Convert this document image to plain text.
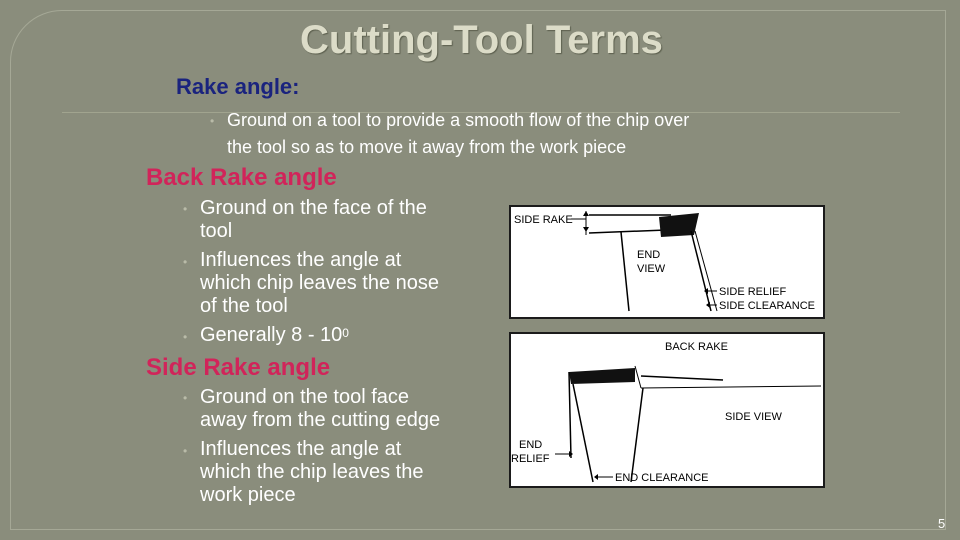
Cutting-Tool Terms
Rake angle:
• Ground on a tool to provide a smooth flow of the chip over
the tool so as to move it away from the work piece
Back Rake angle
• Ground on the face of the
tool
• Influences the angle at
which chip leaves the nose
of the tool
• Generally $8 - 10^0$
Side Rake angle
• Ground on the tool face
away from the cutting edge
• Influences the angle at
which the chip leaves the
work piece
SIDE RAKE
END
VIEW
SIDE RELIEF
SIDE CLEARANCE
BACK RAKE
SIDE VIEW
END
RELIEF
END CLEARANCE
5
